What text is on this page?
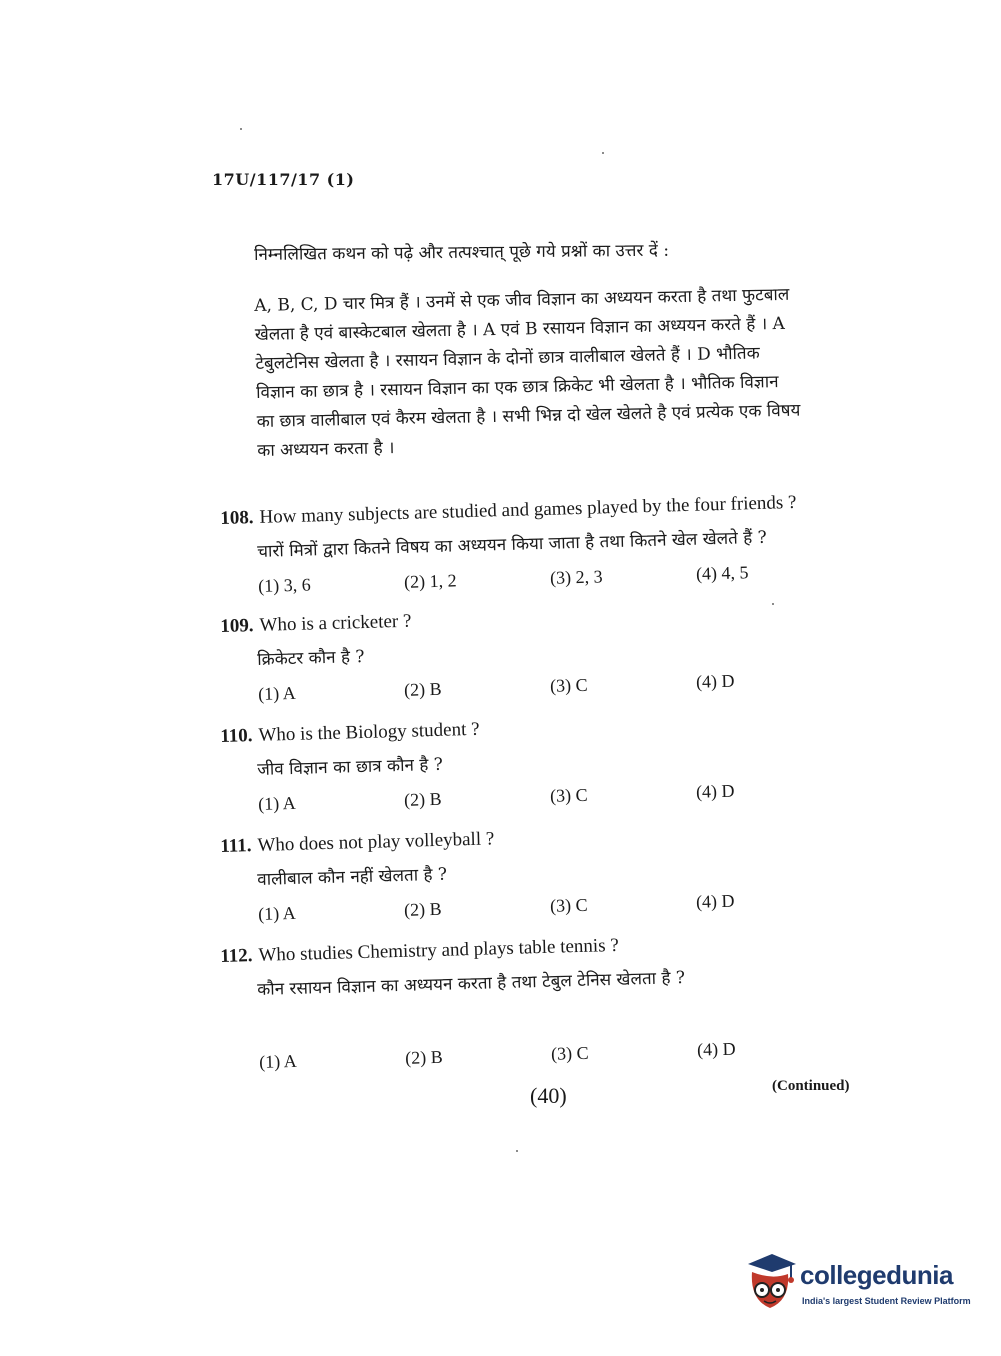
17U/117/17 (1)
निम्नलिखित कथन को पढ़े और तत्पश्चात् पूछे गये प्रश्नों का उत्तर दें :
A, B, C, D चार मित्र हैं । उनमें से एक जीव विज्ञान का अध्ययन करता है तथा फुटबाल
खेलता है एवं बास्केटबाल खेलता है । A एवं B रसायन विज्ञान का अध्ययन करते हैं । A
टेबुलटेनिस खेलता है । रसायन विज्ञान के दोनों छात्र वालीबाल खेलते हैं । D भौतिक
विज्ञान का छात्र है । रसायन विज्ञान का एक छात्र क्रिकेट भी खेलता है । भौतिक विज्ञान
का छात्र वालीबाल एवं कैरम खेलता है । सभी भिन्न दो खेल खेलते है एवं प्रत्येक एक विषय
का अध्ययन करता है ।
108. How many subjects are studied and games played by the four friends ?
चारों मित्रों द्वारा कितने विषय का अध्ययन किया जाता है तथा कितने खेल खेलते हैं ?
(1) 3, 6	(2) 1, 2	(3) 2, 3	(4) 4, 5
109. Who is a cricketer ?
क्रिकेटर कौन है ?
(1) A	(2) B	(3) C	(4) D
110. Who is the Biology student ?
जीव विज्ञान का छात्र कौन है ?
(1) A	(2) B	(3) C	(4) D
111. Who does not play volleyball ?
वालीबाल कौन नहीं खेलता है ?
(1) A	(2) B	(3) C	(4) D
112. Who studies Chemistry and plays table tennis ?
कौन रसायन विज्ञान का अध्ययन करता है तथा टेबुल टेनिस खेलता है ?
(1) A	(2) B	(3) C	(4) D
(40)	(Continued)
collegedunia
India's largest Student Review Platform
